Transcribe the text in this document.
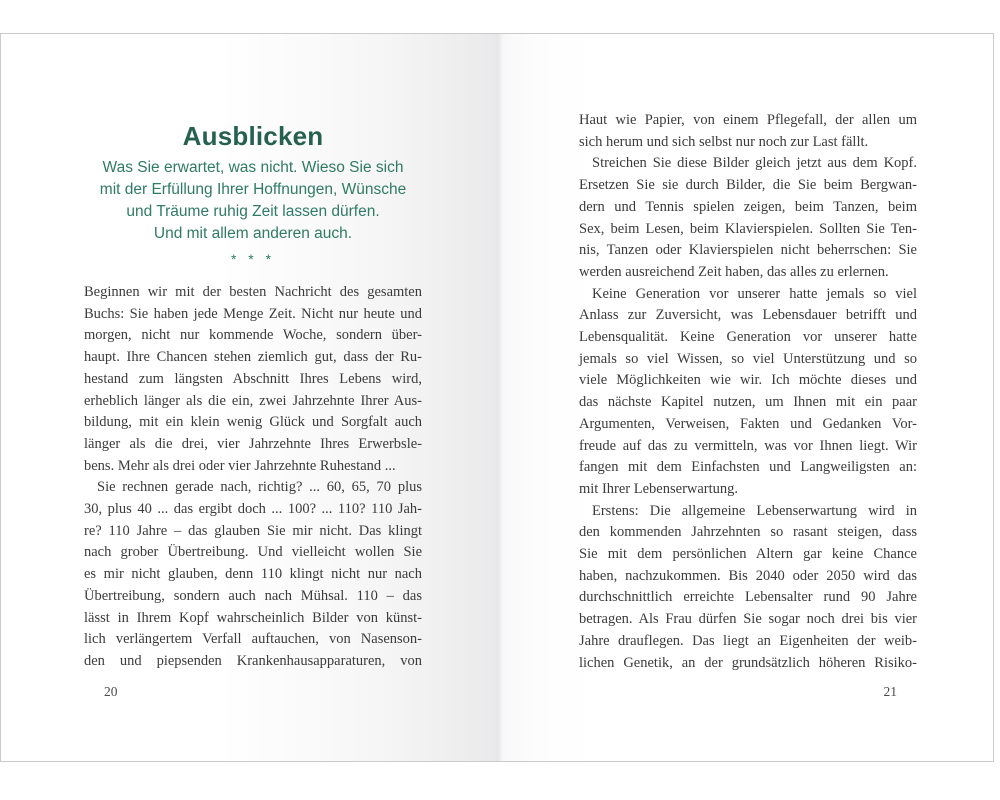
Ausblicken
Was Sie erwartet, was nicht. Wieso Sie sich
mit der Erfüllung Ihrer Hoffnungen, Wünsche
und Träume ruhig Zeit lassen dürfen.
Und mit allem anderen auch.
* * *
Beginnen wir mit der besten Nachricht des gesamten
Buchs: Sie haben jede Menge Zeit. Nicht nur heute und
morgen, nicht nur kommende Woche, sondern über-
haupt. Ihre Chancen stehen ziemlich gut, dass der Ru-
hestand zum längsten Abschnitt Ihres Lebens wird,
erheblich länger als die ein, zwei Jahrzehnte Ihrer Aus-
bildung, mit ein klein wenig Glück und Sorgfalt auch
länger als die drei, vier Jahrzehnte Ihres Erwerbsle-
bens. Mehr als drei oder vier Jahrzehnte Ruhestand ...
Sie rechnen gerade nach, richtig? ... 60, 65, 70 plus
30, plus 40 ... das ergibt doch ... 100? ... 110? 110 Jah-
re? 110 Jahre – das glauben Sie mir nicht. Das klingt
nach grober Übertreibung. Und vielleicht wollen Sie
es mir nicht glauben, denn 110 klingt nicht nur nach
Übertreibung, sondern auch nach Mühsal. 110 – das
lässt in Ihrem Kopf wahrscheinlich Bilder von künst-
lich verlängertem Verfall auftauchen, von Nasenson-
den und piepsenden Krankenhausapparaturen, von
20
Haut wie Papier, von einem Pflegefall, der allen um
sich herum und sich selbst nur noch zur Last fällt.
Streichen Sie diese Bilder gleich jetzt aus dem Kopf.
Ersetzen Sie sie durch Bilder, die Sie beim Bergwan-
dern und Tennis spielen zeigen, beim Tanzen, beim
Sex, beim Lesen, beim Klavierspielen. Sollten Sie Ten-
nis, Tanzen oder Klavierspielen nicht beherrschen: Sie
werden ausreichend Zeit haben, das alles zu erlernen.
Keine Generation vor unserer hatte jemals so viel
Anlass zur Zuversicht, was Lebensdauer betrifft und
Lebensqualität. Keine Generation vor unserer hatte
jemals so viel Wissen, so viel Unterstützung und so
viele Möglichkeiten wie wir. Ich möchte dieses und
das nächste Kapitel nutzen, um Ihnen mit ein paar
Argumenten, Verweisen, Fakten und Gedanken Vor-
freude auf das zu vermitteln, was vor Ihnen liegt. Wir
fangen mit dem Einfachsten und Langweiligsten an:
mit Ihrer Lebenserwartung.
Erstens: Die allgemeine Lebenserwartung wird in
den kommenden Jahrzehnten so rasant steigen, dass
Sie mit dem persönlichen Altern gar keine Chance
haben, nachzukommen. Bis 2040 oder 2050 wird das
durchschnittlich erreichte Lebensalter rund 90 Jahre
betragen. Als Frau dürfen Sie sogar noch drei bis vier
Jahre drauflegen. Das liegt an Eigenheiten der weib-
lichen Genetik, an der grundsätzlich höheren Risiko-
21
